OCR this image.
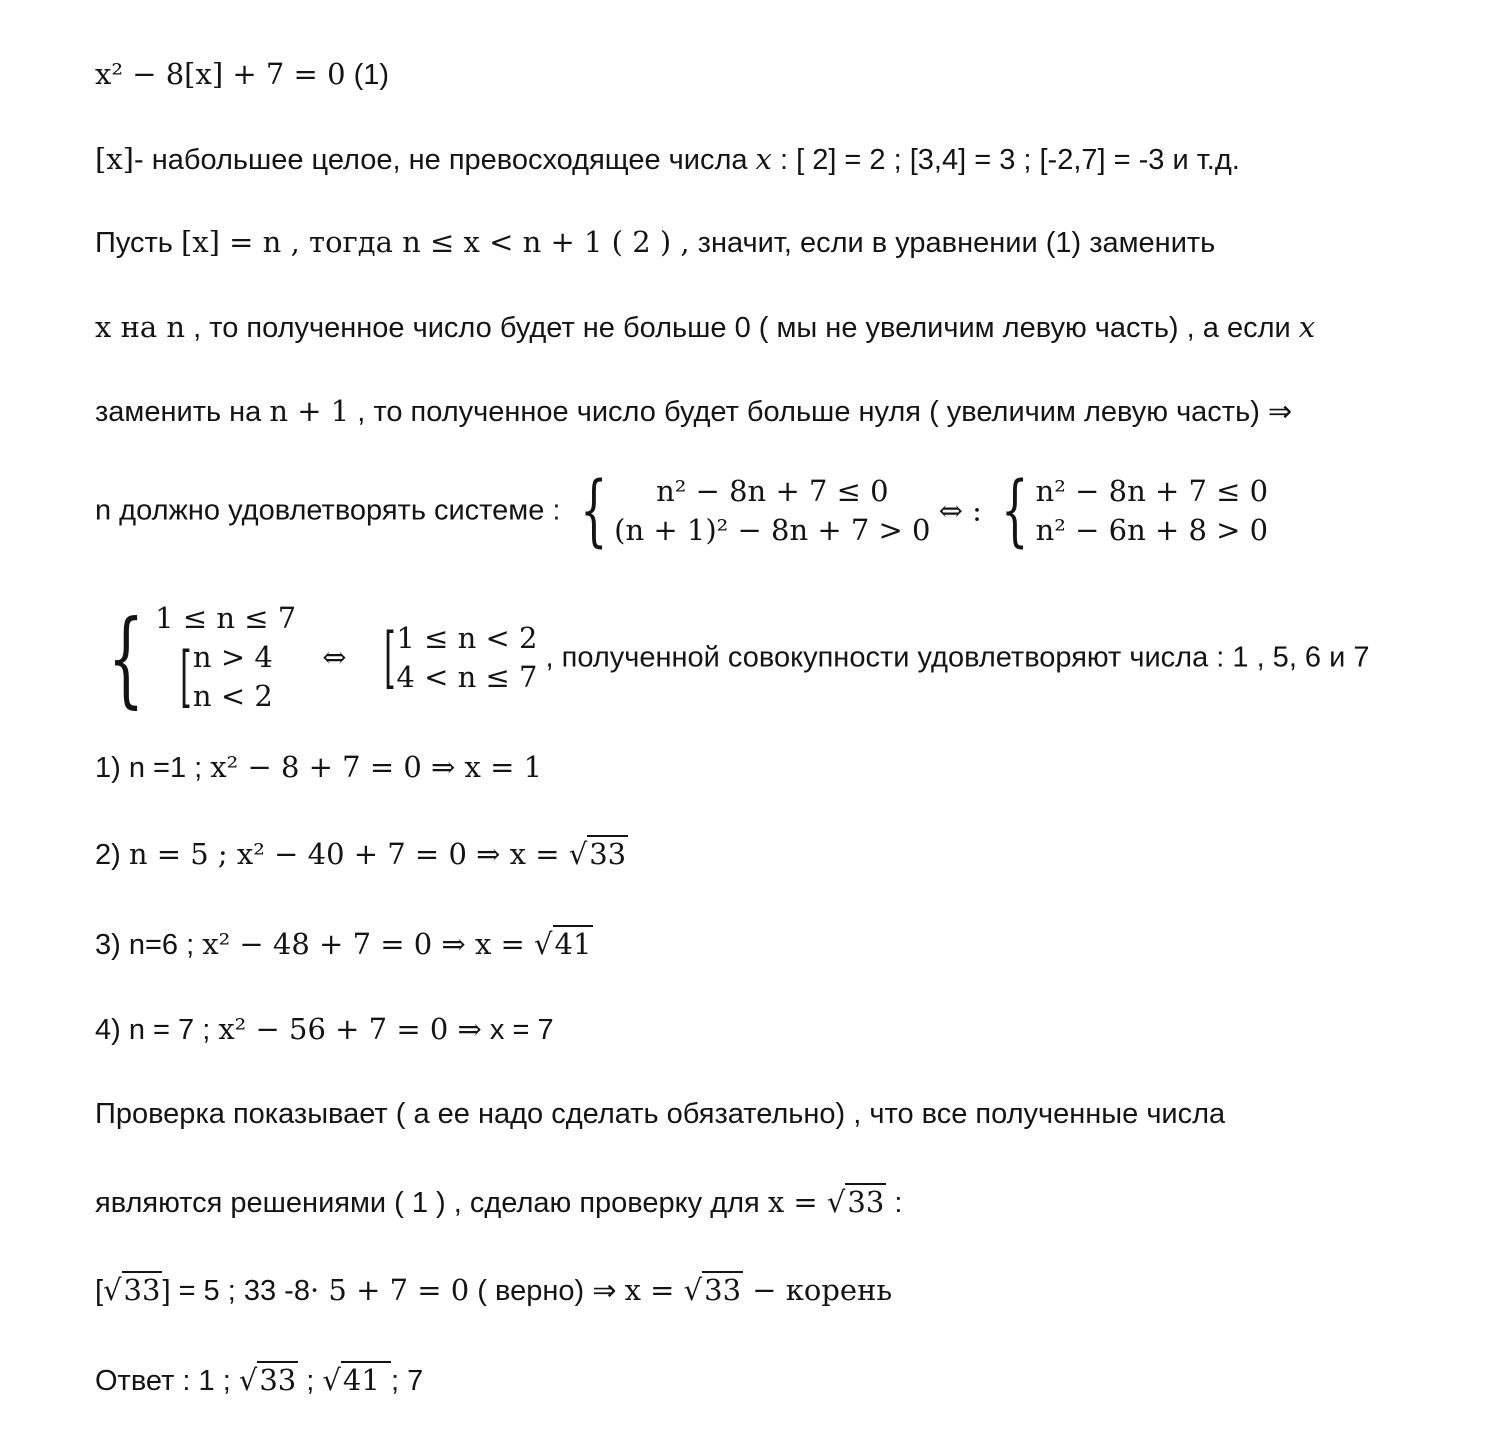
x² − 8[x] + 7 = 0 (1)
[x]- набольшее целое, не превосходящее числа x : [ 2] = 2 ; [3,4] = 3 ; [-2,7] = -3 и т.д.
Пусть [x] = n , тогда n ≤ x < n + 1 ( 2 ) , значит, если в уравнении (1) заменить
x на n , то полученное число будет не больше 0 ( мы не увеличим левую часть) , а если x
заменить на n + 1 , то полученное число будет больше нуля ( увеличим левую часть) ⇒
n должно удовлетворять системе : { n² − 8n + 7 ≤ 0
(n + 1)² − 8n + 7 > 0
⇔ : { n² − 8n + 7 ≤ 0
n² − 6n + 8 > 0
{ 1 ≤ n ≤ 7
[ n > 4
n < 2
⇔ [ 1 ≤ n < 2
4 < n ≤ 7
, полученной совокупности удовлетворяют числа : 1 , 5, 6 и 7
1) n =1 ; x² − 8 + 7 = 0 ⇒ x = 1
2) n = 5 ; x² − 40 + 7 = 0 ⇒ x = √33
3) n=6 ; x² − 48 + 7 = 0 ⇒ x = √41
4) n = 7 ; x² − 56 + 7 = 0 ⇒ x = 7
Проверка показывает ( а ее надо сделать обязательно) , что все полученные числа
являются решениями ( 1 ) , сделаю проверку для x = √33 :
[√33] = 5 ; 33 -8· 5 + 7 = 0 ( верно) ⇒ x = √33 − корень
Ответ : 1 ; √33 ; √41 ; 7
